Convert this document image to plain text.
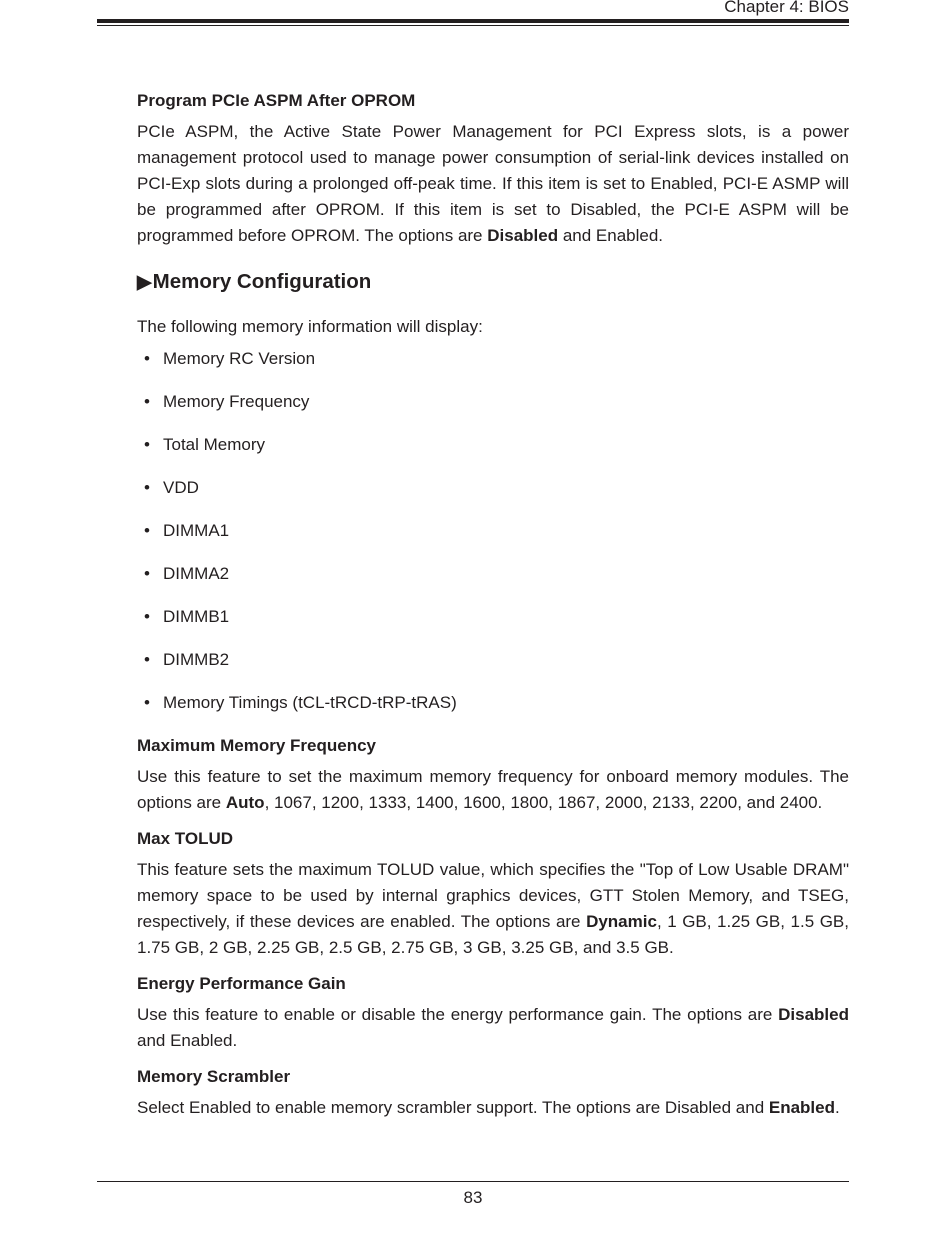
Chapter 4: BIOS
Program PCIe ASPM After OPROM

PCIe ASPM, the Active State Power Management for PCI Express slots, is a power management protocol used to manage power consumption of serial-link devices installed on PCI-Exp slots during a prolonged off-peak time. If this item is set to Enabled, PCI-E ASMP will be programmed after OPROM. If this item is set to Disabled, the PCI-E ASPM will be programmed before OPROM. The options are Disabled and Enabled.

▶Memory Configuration

The following memory information will display:

• Memory RC Version
• Memory Frequency
• Total Memory
• VDD
• DIMMA1
• DIMMA2
• DIMMB1
• DIMMB2
• Memory Timings (tCL-tRCD-tRP-tRAS)
Maximum Memory Frequency

Use this feature to set the maximum memory frequency for onboard memory modules. The options are Auto, 1067, 1200, 1333, 1400, 1600, 1800, 1867, 2000, 2133, 2200, and 2400.

Max TOLUD

This feature sets the maximum TOLUD value, which specifies the "Top of Low Usable DRAM" memory space to be used by internal graphics devices, GTT Stolen Memory, and TSEG, respectively, if these devices are enabled. The options are Dynamic, 1 GB, 1.25 GB, 1.5 GB, 1.75 GB, 2 GB, 2.25 GB, 2.5 GB, 2.75 GB, 3 GB, 3.25 GB, and 3.5 GB.

Energy Performance Gain

Use this feature to enable or disable the energy performance gain. The options are Disabled and Enabled.

Memory Scrambler

Select Enabled to enable memory scrambler support. The options are Disabled and Enabled.

83
